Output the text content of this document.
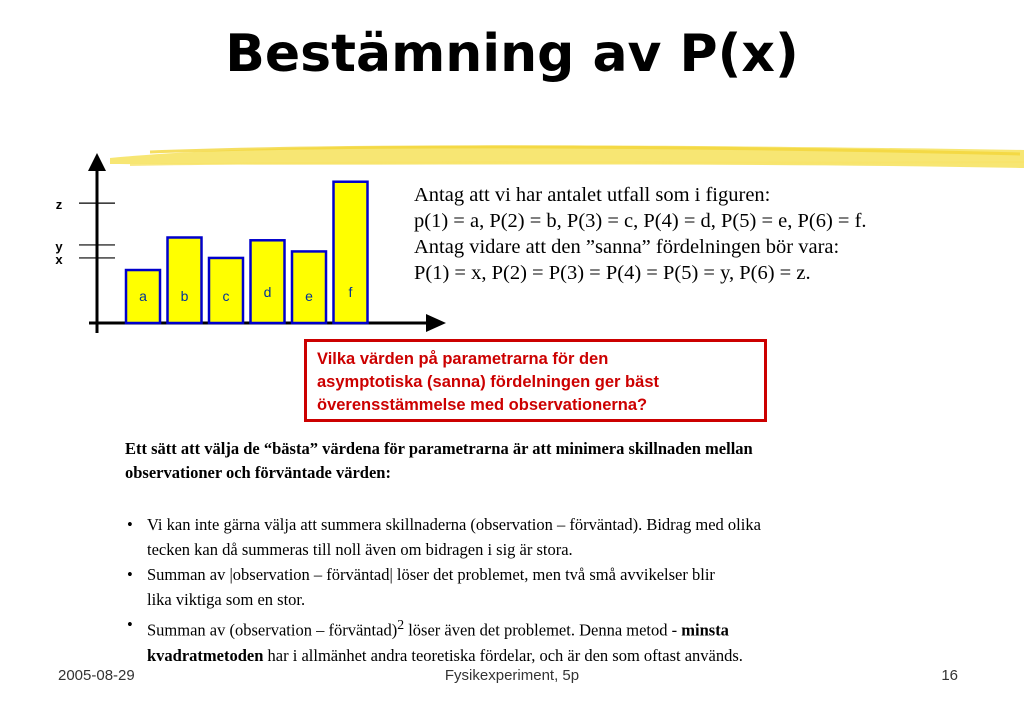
Bestämning av P(x)
x
y
z
a b c d e	f
Antag att vi har antalet utfall som i figuren:
p(1) = a, P(2) = b, P(3) = c, P(4) = d, P(5) = e, P(6) = f.
Antag vidare att den ”sanna” fördelningen bör vara:
P(1) = x, P(2) = P(3) = P(4) = P(5) = y, P(6) = z.
Vilka värden på parametrarna för den
asymptotiska (sanna) fördelningen ger bäst
överensstämmelse med observationerna?
Ett sätt att välja de “bästa” värdena för parametrarna är att minimera skillnaden mellan
observationer och förväntade värden:
• Vi kan inte gärna välja att summera skillnaderna (observation – förväntad). Bidrag med olika
tecken kan då summeras till noll även om bidragen i sig är stora.
• Summan av |observation – förväntad| löser det problemet, men två små avvikelser blir
lika viktiga som en stor.
• Summan av (observation – förväntad)$^2$ löser även det problemet. Denna metod - minsta
kvadratmetoden har i allmänhet andra teoretiska fördelar, och är den som oftast används.
2005-08-29	Fysikexperiment, 5p	16
